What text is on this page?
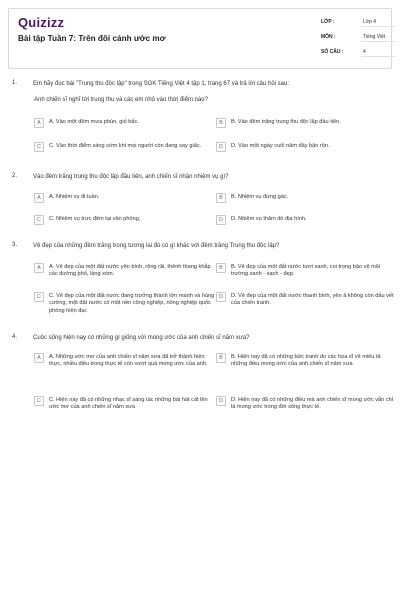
Quizizz
Bài tập Tuần 7: Trên đôi cánh ước mơ
LỚP :	Lớp 4
MÔN :	Tiếng Việt
SỐ CÂU :	4
1.	Em hãy đọc bài "Trung thu độc lập" trong SGK Tiếng Việt 4 tập 1, trang 67 và trả lời câu hỏi sau:
Anh chiến sĩ nghĩ tới trung thu và các em nhỏ vào thời điểm nào?
A	A. Vào một đêm mưa phùn, gió bấc.	B	B. Vào đêm trăng trung thu độc lập đầu tiên.
C	C. Vào thời điểm sáng sớm khi mọi người còn đang say giấc.	D	D. Vào một ngày cuối năm đầy bận rộn.
2.	Vào đêm trăng trung thu độc lập đầu tiên, anh chiến sĩ nhận nhiệm vụ gì?
A	A. Nhiệm vụ đi tuần.	B	B. Nhiệm vụ đứng gác.
C	C. Nhiệm vụ trực đêm tại văn phòng.	D	D. Nhiệm vụ thăm dò địa hình.
3.	Vẻ đẹp của những đêm trăng trong tương lai đó có gì khác với đêm trăng Trung thu độc lập?
A	A. Vẻ đẹp của một đất nước yên bình, rộng rãi, thênh thang khắp các đường phố, làng xóm.
B	B. Vẻ đẹp của một đất nước tươi xanh, coi trọng bảo vệ môi trường xanh - sạch - đẹp.
C	C. Vẻ đẹp của một đất nước đang trưởng thành lớn mạnh và hùng cường, một đất nước có một nền công nghiệp, nông nghiệp quốc phòng hiện đại.
D	D. Vẻ đẹp của một đất nước thanh bình, yên ả không còn dấu vết của chiến tranh.
4.	Cuộc sống hiện nay có những gì giống với mong ước của anh chiến sĩ năm xưa?
A	A. Những ước mơ của anh chiến sĩ năm xưa đã trở thành hiện thực, nhiều điều trong thực tế còn vượt quá mong ước của anh.
B	B. Hiện nay đã có những bức tranh do các họa sĩ vẽ miêu tả những điều mong ước của anh chiến sĩ năm xưa
C	C. Hiện nay đã có những nhạc sĩ sáng tác những bài hát cất lên ước mơ của anh chiến sĩ năm xưa
D	D. Hiện nay đã có những điều mà anh chiến sĩ mong ước vẫn chỉ là mong ước trong đời sống thực tế.
